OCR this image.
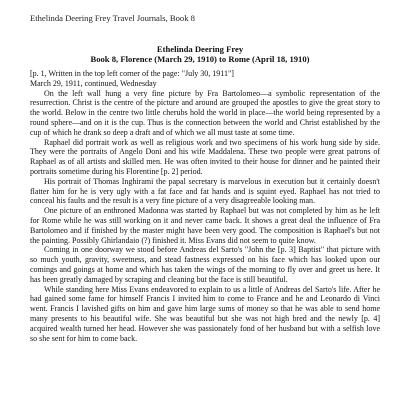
Ethelinda Deering Frey Travel Journals, Book 8
Ethelinda Deering Frey
Book 8, Florence (March 29, 1910) to Rome (April 18, 1910)

[p. 1, Written in the top left corner of the page: "July 30, 1911"]

March 29, 1911, continued, Wednesday

On the left wall hung a very fine picture by Fra Bartolomeo—a symbolic representation of the resurrection. Christ is the centre of the picture and around are grouped the apostles to give the great story to the world. Below in the centre two little cherubs hold the world in place—the world being represented by a round sphere—and on it is the cup. Thus is the connection between the world and Christ established by the cup of which he drank so deep a draft and of which we all must taste at some time.

Raphael did portrait work as well as religious work and two specimens of his work hung side by side. They were the portraits of Angelo Doni and his wife Maddalena. These two people were great patrons of Raphael as of all artists and skilled men. He was often invited to their house for dinner and he painted their portraits sometime during his Florentine [p. 2] period.

His portrait of Thomas Inghirami the papal secretary is marvelous in execution but it certainly doesn't flatter him for he is very ugly with a fat face and fat hands and is squint eyed. Raphael has not tried to conceal his faults and the result is a very fine picture of a very disagreeable looking man.

One picture of an enthroned Madonna was started by Raphael but was not completed by him as he left for Rome while he was still working on it and never came back. It shows a great deal the influence of Fra Bartolomeo and if finished by the master might have been very good. The composition is Raphael's but not the painting. Possibly Ghirlandaio (?) finished it. Miss Evans did not seem to quite know.

Coming in one doorway we stood before Andreas del Sarto's "John the [p. 3] Baptist" that picture with so much youth, gravity, sweetness, and stead fastness expressed on his face which has looked upon our comings and goings at home and which has taken the wings of the morning to fly over and greet us here. It has been greatly damaged by scraping and cleaning but the face is still beautiful.

While standing here Miss Evans endeavored to explain to us a little of Andreas del Sarto's life. After he had gained some fame for himself Francis I invited him to come to France and he and Leonardo di Vinci went. Francis I lavished gifts on him and gave him large sums of money so that he was able to send home many presents to his beautiful wife. She was beautiful but she was not high bred and the newly [p. 4] acquired wealth turned her head. However she was passionately fond of her husband but with a selfish love so she sent for him to come back.
